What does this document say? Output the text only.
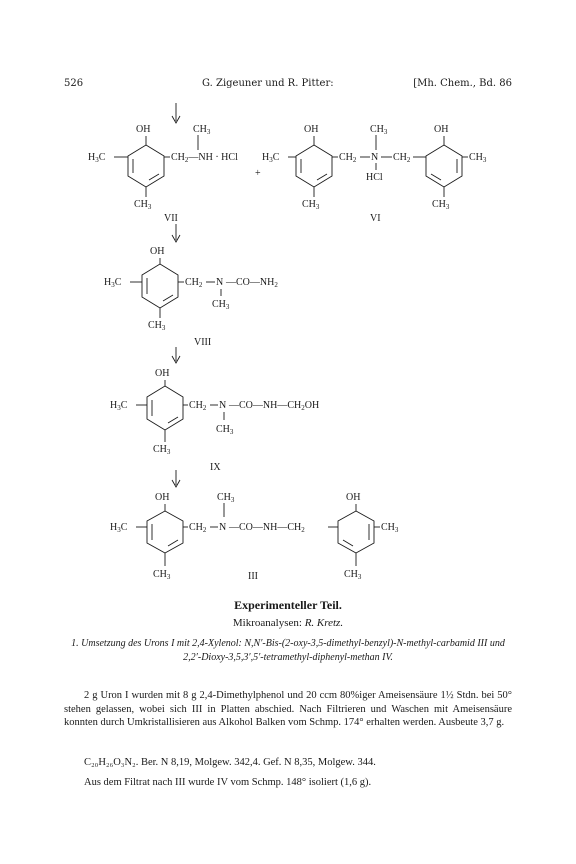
526	G. Zigeuner und R. Pitter:	[Mh. Chem., Bd. 86
OH	$CH_3$
$H_3C$	$CH_2—NH$ · HCl
$CH_3$
VII
+
OH	$CH_3$	OH
$H_3C$	$CH_2$ N
HCl
$CH_2$	$CH_3$
$CH_3$	$CH_3$
VI
OH
$H_3C$	$CH_2$ N
$CH_3$
$—CO—NH_2$
$CH_3$
VIII
OH
$H_3C$	$CH_2$ N
$CH_3$
$—CO—NH—CH_2OH$
$CH_3$
IX
OH	$CH_3$	OH
$H_3C$	$CH_2$ N $—CO—NH—CH_2$	$CH_3$
$CH_3$	$CH_3$
III
Experimenteller Teil.
Mikroanalysen: R. Kretz.
1. Umsetzung des Urons I mit 2,4-Xylenol: N,N′-Bis-(2-oxy-3,5-dimethyl-benzyl)-N-methyl-carbamid III und 2,2′-Dioxy-3,5,3′,5′-tetramethyl-diphenyl-methan IV.
2 g Uron I wurden mit 8 g 2,4-Dimethylphenol und 20 ccm 80%iger Ameisensäure 1½ Stdn. bei 50° stehen gelassen, wobei sich III in Platten abschied. Nach Filtrieren und Waschen mit Ameisensäure konnten durch Umkristallisieren aus Alkohol Balken vom Schmp. 174° erhalten werden. Ausbeute 3,7 g.
C₂₀H₂₆O₃N₂. Ber. N 8,19, Molgew. 342,4. Gef. N 8,35, Molgew. 344.
Aus dem Filtrat nach III wurde IV vom Schmp. 148° isoliert (1,6 g).
